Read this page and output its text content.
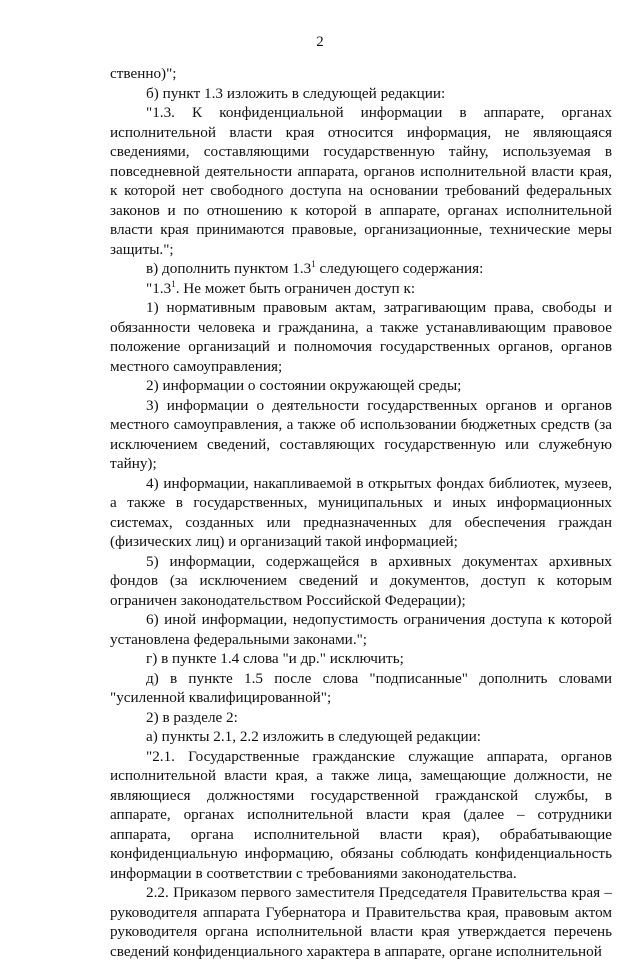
2

ственно)";

б) пункт 1.3 изложить в следующей редакции:

"1.3. К конфиденциальной информации в аппарате, органах исполнительной власти края относится информация, не являющаяся сведениями, составляющими государственную тайну, используемая в повседневной деятельности аппарата, органов исполнительной власти края, к которой нет свободного доступа на основании требований федеральных законов и по отношению к которой в аппарате, органах исполнительной власти края принимаются правовые, организационные, технические меры защиты.";

в) дополнить пунктом $1.3^1$ следующего содержания:

"$1.3^1$. Не может быть ограничен доступ к:

1) нормативным правовым актам, затрагивающим права, свободы и обязанности человека и гражданина, а также устанавливающим правовое положение организаций и полномочия государственных органов, органов местного самоуправления;

2) информации о состоянии окружающей среды;

3) информации о деятельности государственных органов и органов местного самоуправления, а также об использовании бюджетных средств (за исключением сведений, составляющих государственную или служебную тайну);

4) информации, накапливаемой в открытых фондах библиотек, музеев, а также в государственных, муниципальных и иных информационных системах, созданных или предназначенных для обеспечения граждан (физических лиц) и организаций такой информацией;

5) информации, содержащейся в архивных документах архивных фондов (за исключением сведений и документов, доступ к которым ограничен законодательством Российской Федерации);

6) иной информации, недопустимость ограничения доступа к которой установлена федеральными законами.";

г) в пункте 1.4 слова "и др." исключить;

д) в пункте 1.5 после слова "подписанные" дополнить словами "усиленной квалифицированной";

2) в разделе 2:

а) пункты 2.1, 2.2 изложить в следующей редакции:

"2.1. Государственные гражданские служащие аппарата, органов исполнительной власти края, а также лица, замещающие должности, не являющиеся должностями государственной гражданской службы, в аппарате, органах исполнительной власти края (далее – сотрудники аппарата, органа исполнительной власти края), обрабатывающие конфиденциальную информацию, обязаны соблюдать конфиденциальность информации в соответствии с требованиями законодательства.

2.2. Приказом первого заместителя Председателя Правительства края – руководителя аппарата Губернатора и Правительства края, правовым актом руководителя органа исполнительной власти края утверждается перечень сведений конфиденциального характера в аппарате, органе исполнительной
